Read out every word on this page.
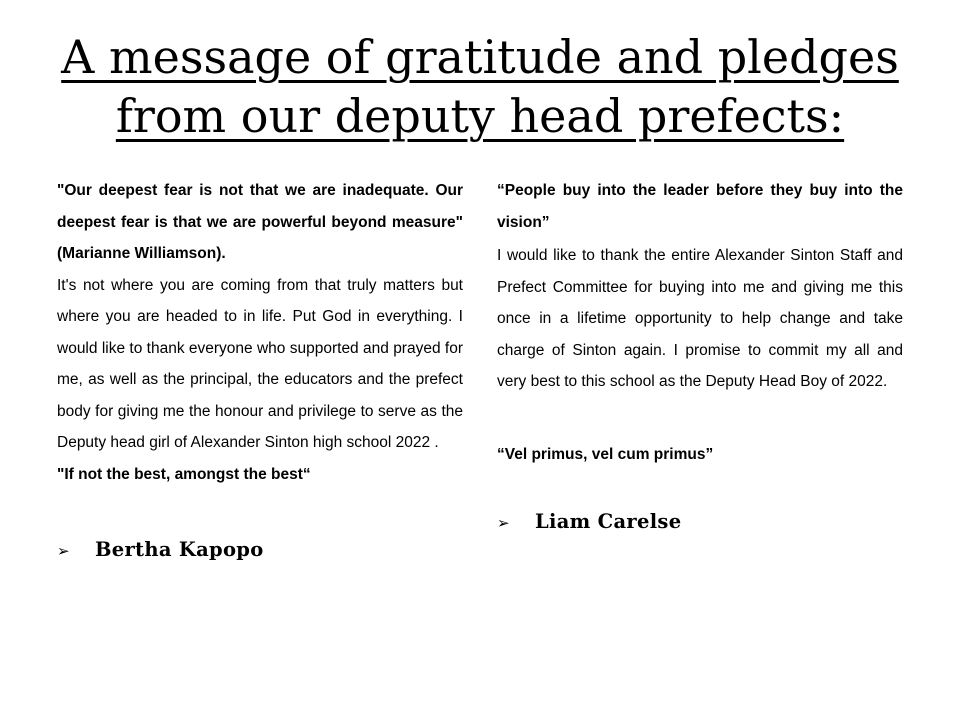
A message of gratitude and pledges
from our deputy head prefects:

"Our deepest fear is not that we are inadequate. Our deepest fear is that we are powerful beyond measure" (Marianne Williamson).

It's not where you are coming from that truly matters but where you are headed to in life. Put God in everything. I would like to thank everyone who supported and prayed for me, as well as the principal, the educators and the prefect body for giving me the honour and privilege to serve as the Deputy head girl of Alexander Sinton high school 2022 .

"If not the best, amongst the best“

➢	Bertha Kapopo

“People buy into the leader before they buy into the vision”

I would like to thank the entire Alexander Sinton Staff and Prefect Committee for buying into me and giving me this once in a lifetime opportunity to help change and take charge of Sinton again. I promise to commit my all and very best to this school as the Deputy Head Boy of 2022.

“Vel primus, vel cum primus”

➢	Liam Carelse
